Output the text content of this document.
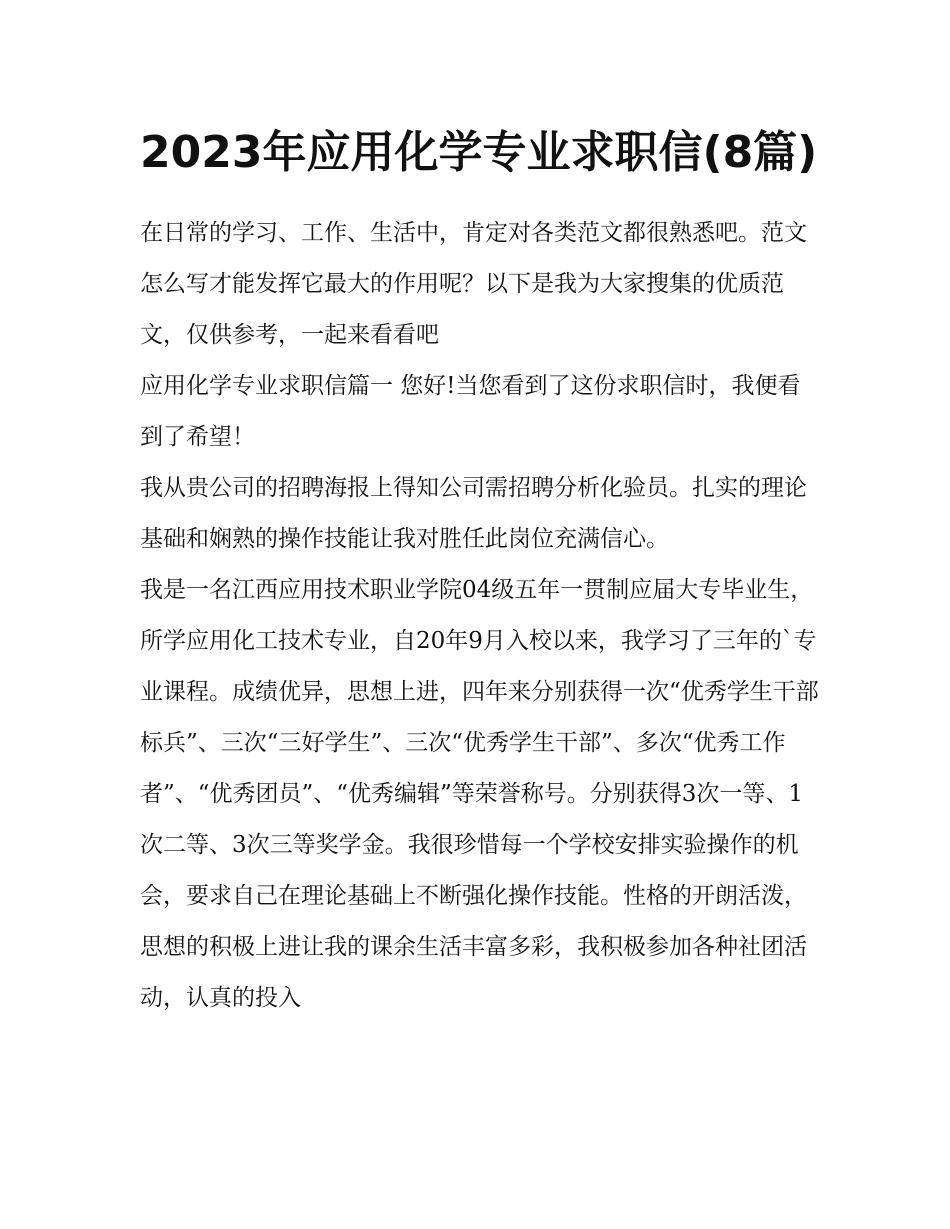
2023年应用化学专业求职信(8篇)

在日常的学习、工作、生活中，肯定对各类范文都很熟悉吧。范文怎么写才能发挥它最大的作用呢？以下是我为大家搜集的优质范文，仅供参考，一起来看看吧

应用化学专业求职信篇一 您好!当您看到了这份求职信时，我便看到了希望！

我从贵公司的招聘海报上得知公司需招聘分析化验员。扎实的理论基础和娴熟的操作技能让我对胜任此岗位充满信心。

我是一名江西应用技术职业学院04级五年一贯制应届大专毕业生，所学应用化工技术专业，自20年9月入校以来，我学习了三年的`专业课程。成绩优异，思想上进，四年来分别获得一次“优秀学生干部标兵”、三次“三好学生”、三次“优秀学生干部”、多次“优秀工作者”、“优秀团员”、“优秀编辑”等荣誉称号。分别获得3次一等、1次二等、3次三等奖学金。我很珍惜每一个学校安排实验操作的机会，要求自己在理论基础上不断强化操作技能。性格的开朗活泼，思想的积极上进让我的课余生活丰富多彩，我积极参加各种社团活动，认真的投入
